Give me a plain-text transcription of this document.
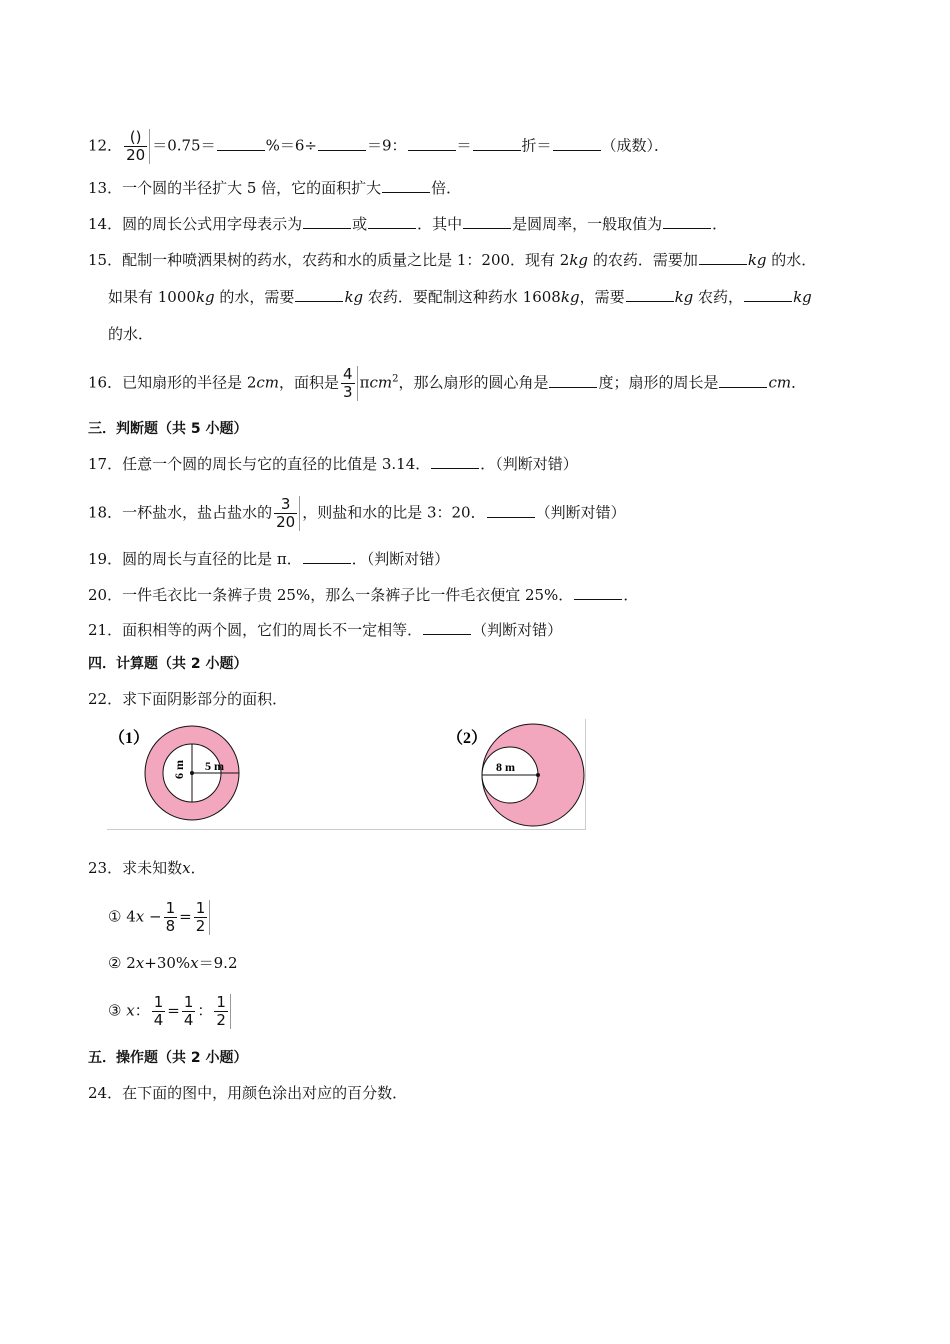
12． $\frac{()}{20} =0.75=$	%＝6÷	＝9：	＝	折＝	（成数）．
13．一个圆的半径扩大 5 倍，它的面积扩大	倍．
14．圆的周长公式用字母表示为	或	．其中	是圆周率，一般取值为	．
15．配制一种喷洒果树的药水，农药和水的质量之比是 1：200．现有 2kg 的农药．需要加	kg 的水．
如果有 1000kg 的水，需要	kg 农药．要配制这种药水 1608kg，需要	kg 农药，	kg
的水．
16．已知扇形的半径是 2cm，面积是 $\frac{4}{3} \pi cm^2$，那么扇形的圆心角是	度；扇形的周长是	cm．
三．判断题（共 5 小题）
17．任意一个圆的周长与它的直径的比值是 3.14．	．（判断对错）
18．一杯盐水，盐占盐水的 $\frac{3}{20}$ ，则盐和水的比是 3：20．	（判断对错）
19．圆的周长与直径的比是 π．	．（判断对错）
20．一件毛衣比一条裤子贵 25%，那么一条裤子比一件毛衣便宜 25%．	．
21．面积相等的两个圆，它们的周长不一定相等．	（判断对错）
四．计算题（共 2 小题）
22．求下面阴影部分的面积．
（1）
6 m 5 m
（2）
8 m
23．求未知数x．
① $4x - \frac{1}{8} = \frac{1}{2}$
② 2x+30%x＝9.2
③ x： $\frac{1}{4} = \frac{1}{4}$ ： $\frac{1}{2}$
五．操作题（共 2 小题）
24．在下面的图中，用颜色涂出对应的百分数．
